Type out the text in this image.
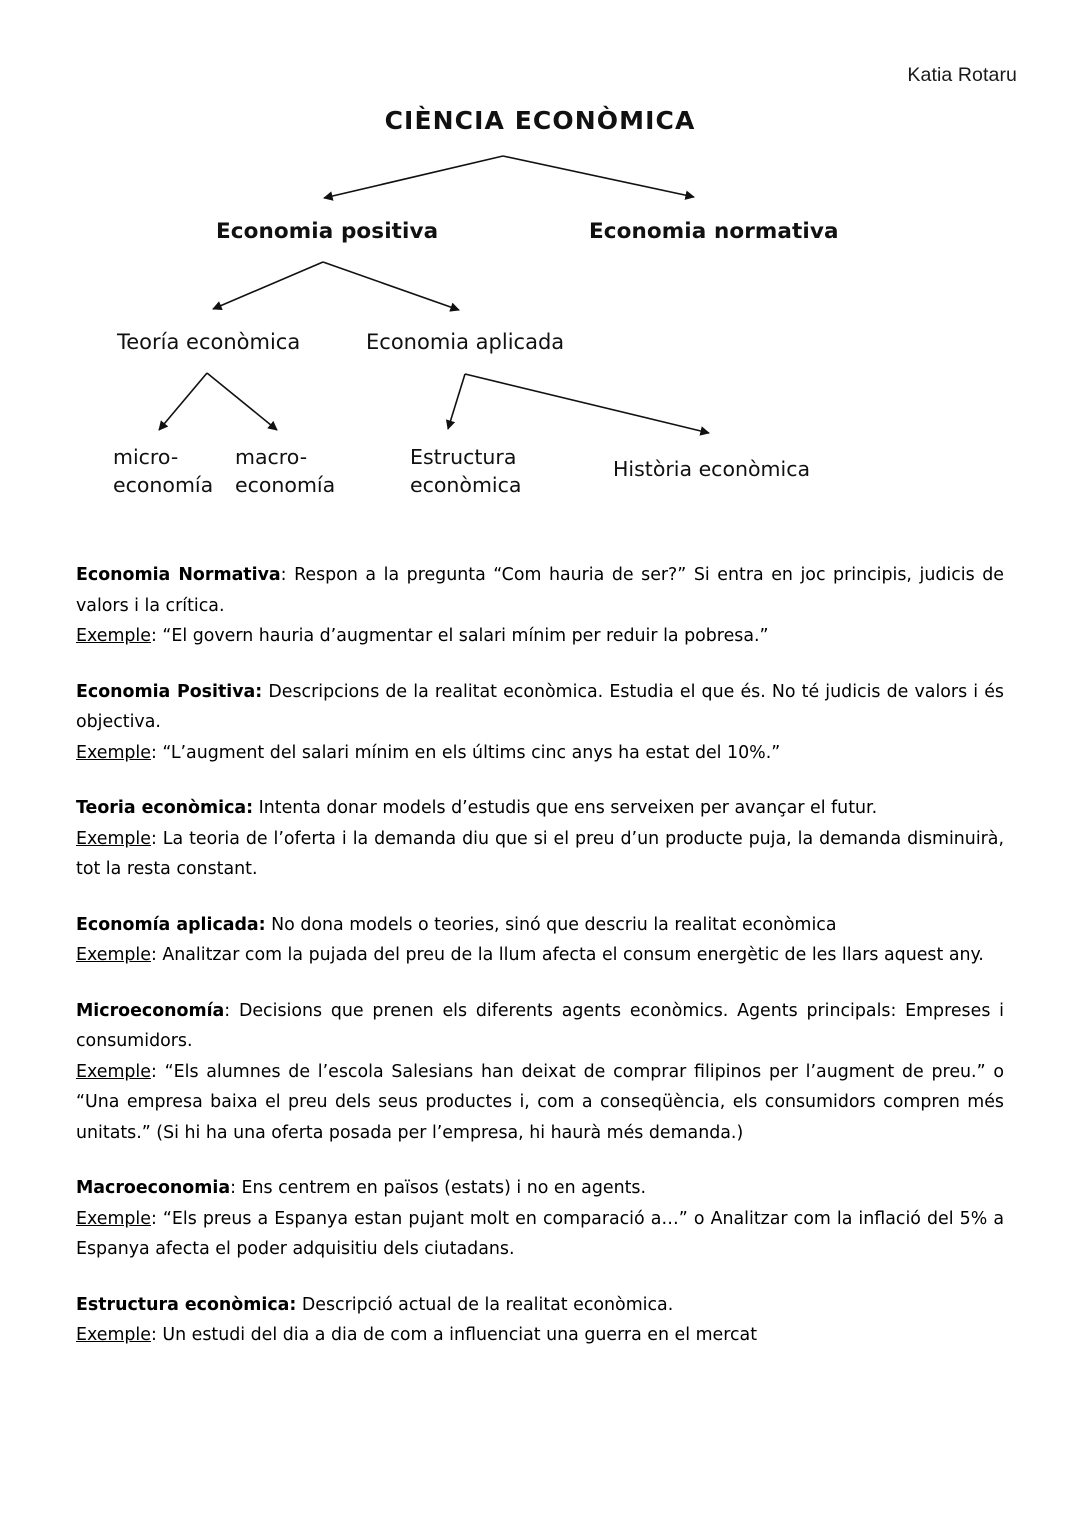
Katia Rotaru
CIÈNCIA ECONÒMICA
Economia positiva	Economia normativa
Teoría econòmica	Economia aplicada
micro-
economía
macro-
economía
Estructura
econòmica
Història econòmica

Economia Normativa: Respon a la pregunta “Com hauria de ser?” Si entra en joc principis, judicis de valors i la crítica.
Exemple: “El govern hauria d’augmentar el salari mínim per reduir la pobresa.”

Economia Positiva: Descripcions de la realitat econòmica. Estudia el que és. No té judicis de valors i és objectiva.
Exemple: “L’augment del salari mínim en els últims cinc anys ha estat del 10%.”

Teoria econòmica: Intenta donar models d’estudis que ens serveixen per avançar el futur.
Exemple: La teoria de l’oferta i la demanda diu que si el preu d’un producte puja, la demanda disminuirà, tot la resta constant.

Economía aplicada: No dona models o teories, sinó que descriu la realitat econòmica
Exemple: Analitzar com la pujada del preu de la llum afecta el consum energètic de les llars aquest any.

Microeconomía: Decisions que prenen els diferents agents econòmics. Agents principals: Empreses i consumidors.
Exemple: “Els alumnes de l’escola Salesians han deixat de comprar filipinos per l’augment de preu.” o “Una empresa baixa el preu dels seus productes i, com a conseqüència, els consumidors compren més unitats.” (Si hi ha una oferta posada per l’empresa, hi haurà més demanda.)

Macroeconomia: Ens centrem en països (estats) i no en agents.
Exemple: “Els preus a Espanya estan pujant molt en comparació a…” o Analitzar com la inflació del 5% a Espanya afecta el poder adquisitiu dels ciutadans.

Estructura econòmica: Descripció actual de la realitat econòmica.
Exemple: Un estudi del dia a dia de com a influenciat una guerra en el mercat
